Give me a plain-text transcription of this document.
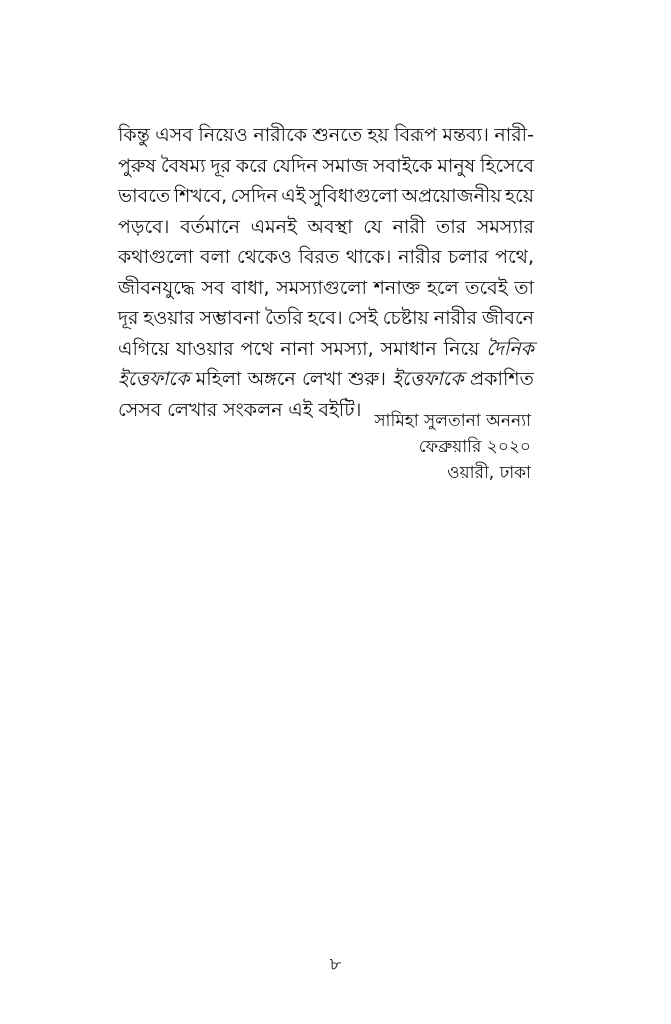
কিন্তু এসব নিয়েও নারীকে শুনতে হয় বিরূপ মন্তব্য। নারী-
পুরুষ বৈষম্য দূর করে যেদিন সমাজ সবাইকে মানুষ হিসেবে
ভাবতে শিখবে, সেদিন এই সুবিধাগুলো অপ্রয়োজনীয় হয়ে
পড়বে। বর্তমানে এমনই অবস্থা যে নারী তার সমস্যার
কথাগুলো বলা থেকেও বিরত থাকে। নারীর চলার পথে,
জীবনযুদ্ধে সব বাধা, সমস্যাগুলো শনাক্ত হলে তবেই তা
দূর হওয়ার সম্ভাবনা তৈরি হবে। সেই চেষ্টায় নারীর জীবনে
এগিয়ে যাওয়ার পথে নানা সমস্যা, সমাধান নিয়ে দৈনিক
ইত্তেফাকে মহিলা অঙ্গনে লেখা শুরু। ইত্তেফাকে প্রকাশিত
সেসব লেখার সংকলন এই বইটি।
সামিহা সুলতানা অনন্যা
ফেব্রুয়ারি ২০২০
ওয়ারী, ঢাকা
৮
